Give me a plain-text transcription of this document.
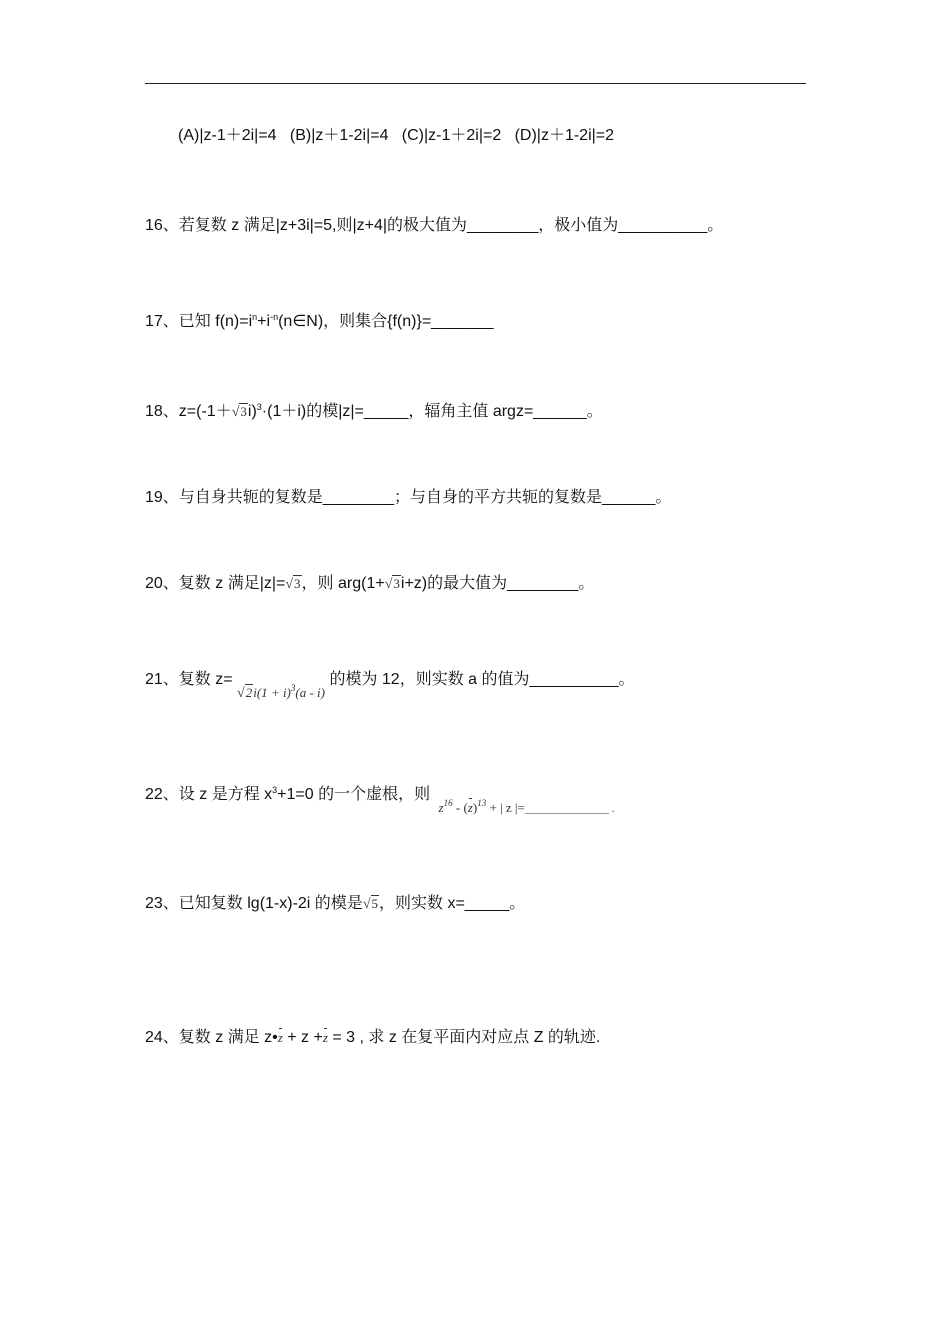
(A)|z-1＋2i|=4   (B)|z＋1-2i|=4   (C)|z-1＋2i|=2   (D)|z＋1-2i|=2
16、若复数 z 满足|z+3i|=5,则|z+4|的极大值为________，极小值为__________。
17、已知 $f(n)=i^n+i^{-n}(n\in N)$，则集合{f(n)}=_______
18、$z=(-1+√3i)^3\cdot(1+i)$的模|z|=_____，辐角主值 argz=______。
19、与自身共轭的复数是________；与自身的平方共轭的复数是______。
20、复数 z 满足|z|=√3，则 arg(1+√3i+z)的最大值为________。
21、复数 z= $_{√2i(1 + i)^3(a - i)}$ 的模为 12，则实数 a 的值为__________。
22、设 z 是方程 $x^3+1=0$ 的一个虚根，则 $_{z^{16} - (z)^{13} + | z |=\_\_\_\_\_\_\_\_\_\_\_\_\_\_ .}$
23、已知复数 lg(1-x)-2i 的模是√5，则实数 x=_____。
24、复数 z 满足 z•z + z +z = 3 , 求 z 在复平面内对应点 Z 的轨迹.
